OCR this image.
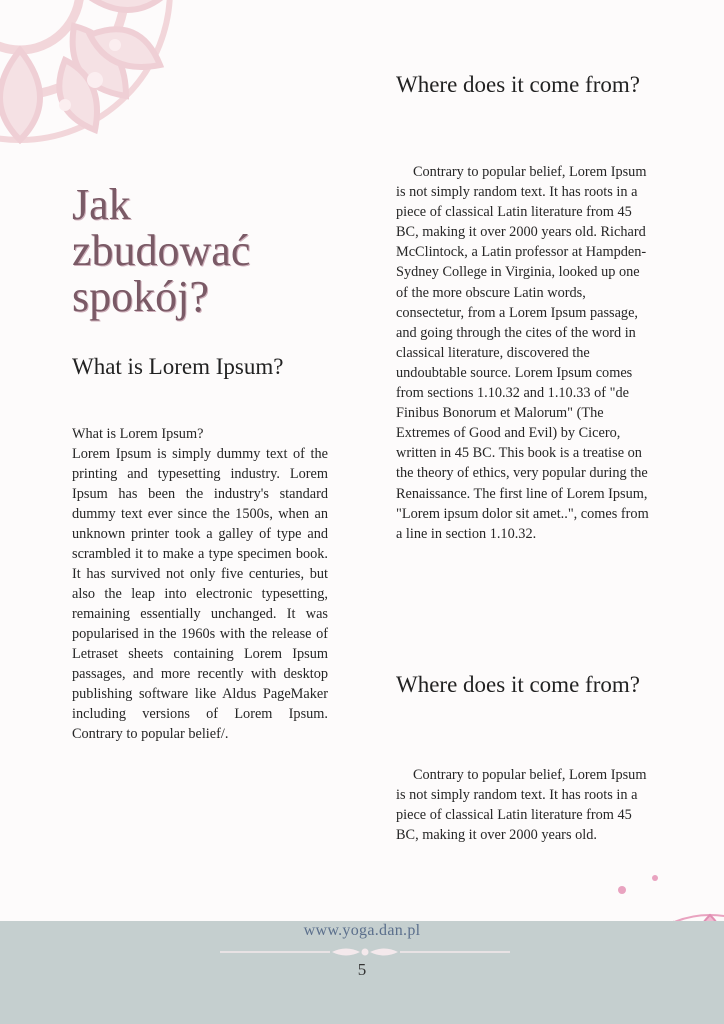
Jak
zbudować
spokój?
What is Lorem Ipsum?

What is Lorem Ipsum?
Lorem Ipsum is simply dummy text of the printing and typesetting industry. Lorem Ipsum has been the industry's standard dummy text ever since the 1500s, when an unknown printer took a galley of type and scrambled it to make a type specimen book. It has survived not only five centuries, but also the leap into electronic typesetting, remaining essentially unchanged. It was popularised in the 1960s with the release of Letraset sheets containing Lorem Ipsum passages, and more recently with desktop publishing software like Aldus PageMaker including versions of Lorem Ipsum. Contrary to popular belief/.

Where does it come from?

Contrary to popular belief, Lorem Ipsum is not simply random text. It has roots in a piece of classical Latin literature from 45 BC, making it over 2000 years old. Richard McClintock, a Latin professor at Hampden-Sydney College in Virginia, looked up one of the more obscure Latin words, consectetur, from a Lorem Ipsum passage, and going through the cites of the word in classical literature, discovered the undoubtable source. Lorem Ipsum comes from sections 1.10.32 and 1.10.33 of "de Finibus Bonorum et Malorum" (The Extremes of Good and Evil) by Cicero, written in 45 BC. This book is a treatise on the theory of ethics, very popular during the Renaissance. The first line of Lorem Ipsum, "Lorem ipsum dolor sit amet..", comes from a line in section 1.10.32.

Where does it come from?

Contrary to popular belief, Lorem Ipsum is not simply random text. It has roots in a piece of classical Latin literature from 45 BC, making it over 2000 years old.

www.yoga.dan.pl
5
